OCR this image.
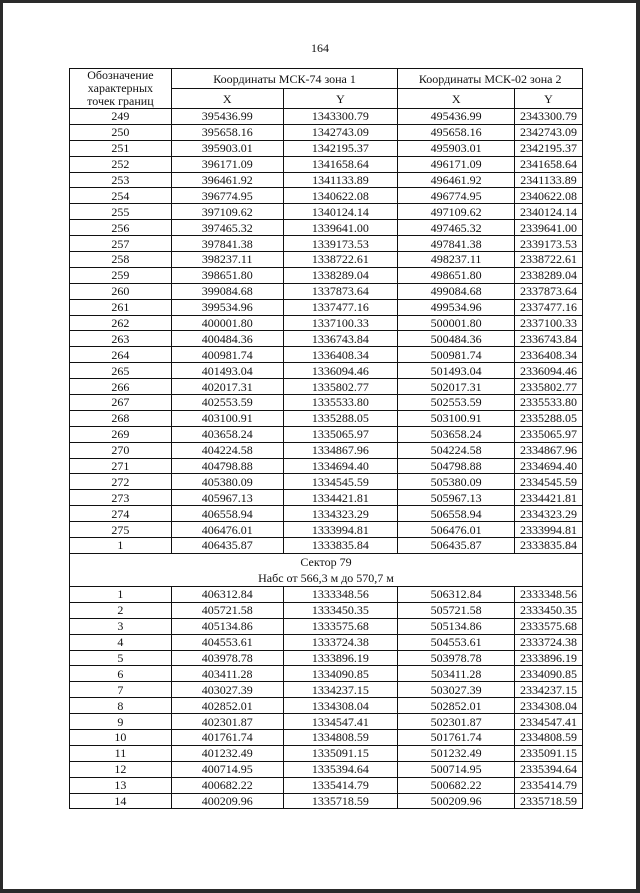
164
Обозначение
характерных
точек границ	Координаты МСК-74 зона 1		Координаты МСК-02 зона 2	
	X	Y	X	Y
249	395436.99	1343300.79	495436.99	2343300.79
250	395658.16	1342743.09	495658.16	2342743.09
251	395903.01	1342195.37	495903.01	2342195.37
252	396171.09	1341658.64	496171.09	2341658.64
253	396461.92	1341133.89	496461.92	2341133.89
254	396774.95	1340622.08	496774.95	2340622.08
255	397109.62	1340124.14	497109.62	2340124.14
256	397465.32	1339641.00	497465.32	2339641.00
257	397841.38	1339173.53	497841.38	2339173.53
258	398237.11	1338722.61	498237.11	2338722.61
259	398651.80	1338289.04	498651.80	2338289.04
260	399084.68	1337873.64	499084.68	2337873.64
261	399534.96	1337477.16	499534.96	2337477.16
262	400001.80	1337100.33	500001.80	2337100.33
263	400484.36	1336743.84	500484.36	2336743.84
264	400981.74	1336408.34	500981.74	2336408.34
265	401493.04	1336094.46	501493.04	2336094.46
266	402017.31	1335802.77	502017.31	2335802.77
267	402553.59	1335533.80	502553.59	2335533.80
268	403100.91	1335288.05	503100.91	2335288.05
269	403658.24	1335065.97	503658.24	2335065.97
270	404224.58	1334867.96	504224.58	2334867.96
271	404798.88	1334694.40	504798.88	2334694.40
272	405380.09	1334545.59	505380.09	2334545.59
273	405967.13	1334421.81	505967.13	2334421.81
274	406558.94	1334323.29	506558.94	2334323.29
275	406476.01	1333994.81	506476.01	2333994.81
1	406435.87	1333835.84	506435.87	2333835.84

Сектор 79
Набс от 566,3 м до 570,7 м				

1	406312.84	1333348.56	506312.84	2333348.56
2	405721.58	1333450.35	505721.58	2333450.35
3	405134.86	1333575.68	505134.86	2333575.68
4	404553.61	1333724.38	504553.61	2333724.38
5	403978.78	1333896.19	503978.78	2333896.19
6	403411.28	1334090.85	503411.28	2334090.85
7	403027.39	1334237.15	503027.39	2334237.15
8	402852.01	1334308.04	502852.01	2334308.04
9	402301.87	1334547.41	502301.87	2334547.41
10	401761.74	1334808.59	501761.74	2334808.59
11	401232.49	1335091.15	501232.49	2335091.15
12	400714.95	1335394.64	500714.95	2335394.64
13	400682.22	1335414.79	500682.22	2335414.79
14	400209.96	1335718.59	500209.96	2335718.59
